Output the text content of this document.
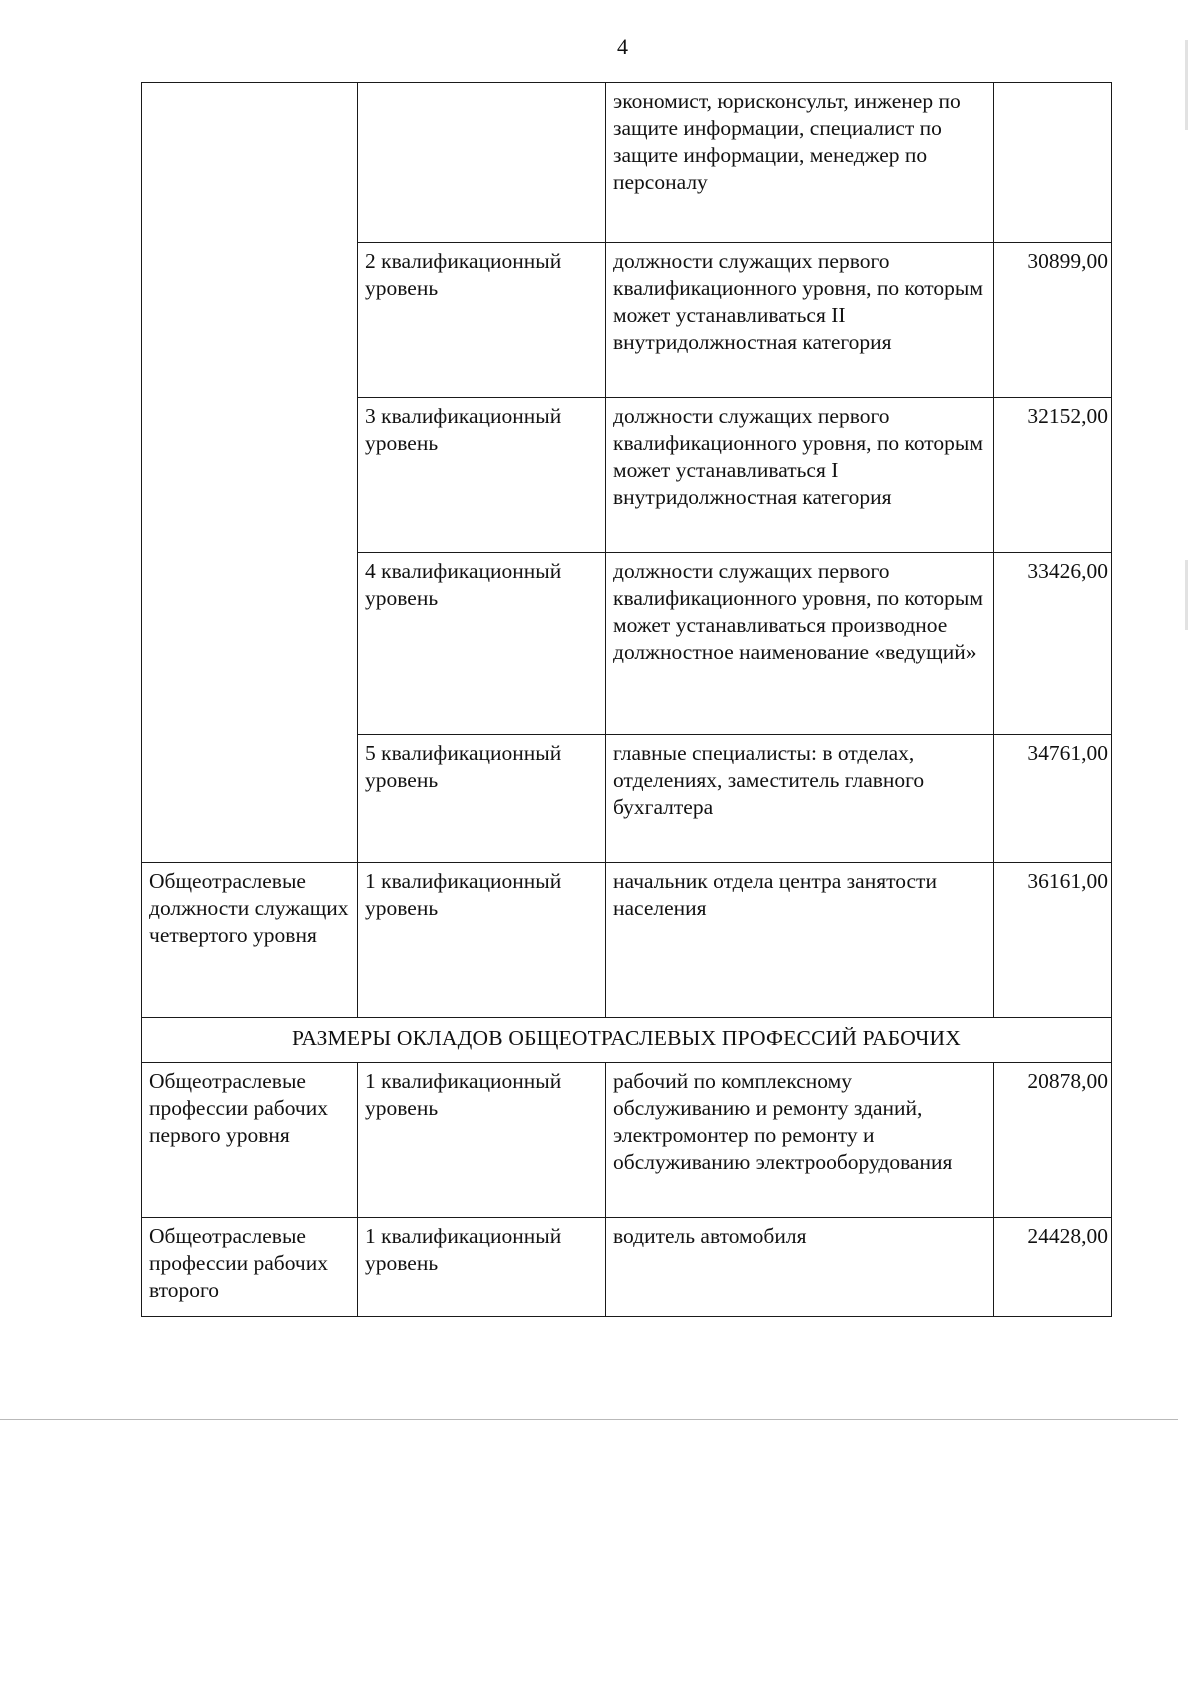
4
		экономист, юрисконсульт, инженер по защите информации, специалист по защите информации, менеджер по персоналу	
	2 квалификационный уровень	должности служащих первого квалификационного уровня, по которым может устанавливаться II внутридолжностная категория	30899,00
	3 квалификационный уровень	должности служащих первого квалификационного уровня, по которым может устанавливаться I внутридолжностная категория	32152,00
	4 квалификационный уровень	должности служащих первого квалификационного уровня, по которым может устанавливаться производное должностное наименование «ведущий»	33426,00
	5 квалификационный уровень	главные специалисты: в отделах, отделениях, заместитель главного бухгалтера	34761,00
Общеотраслевые должности служащих четвертого уровня	1 квалификационный уровень	начальник отдела центра занятости населения	36161,00
РАЗМЕРЫ ОКЛАДОВ ОБЩЕОТРАСЛЕВЫХ ПРОФЕССИЙ РАБОЧИХ			
Общеотраслевые профессии рабочих первого уровня	1 квалификационный уровень	рабочий по комплексному обслуживанию и ремонту зданий, электромонтер по ремонту и обслуживанию электрооборудования	20878,00
Общеотраслевые профессии рабочих второго	1 квалификационный уровень	водитель автомобиля	24428,00
